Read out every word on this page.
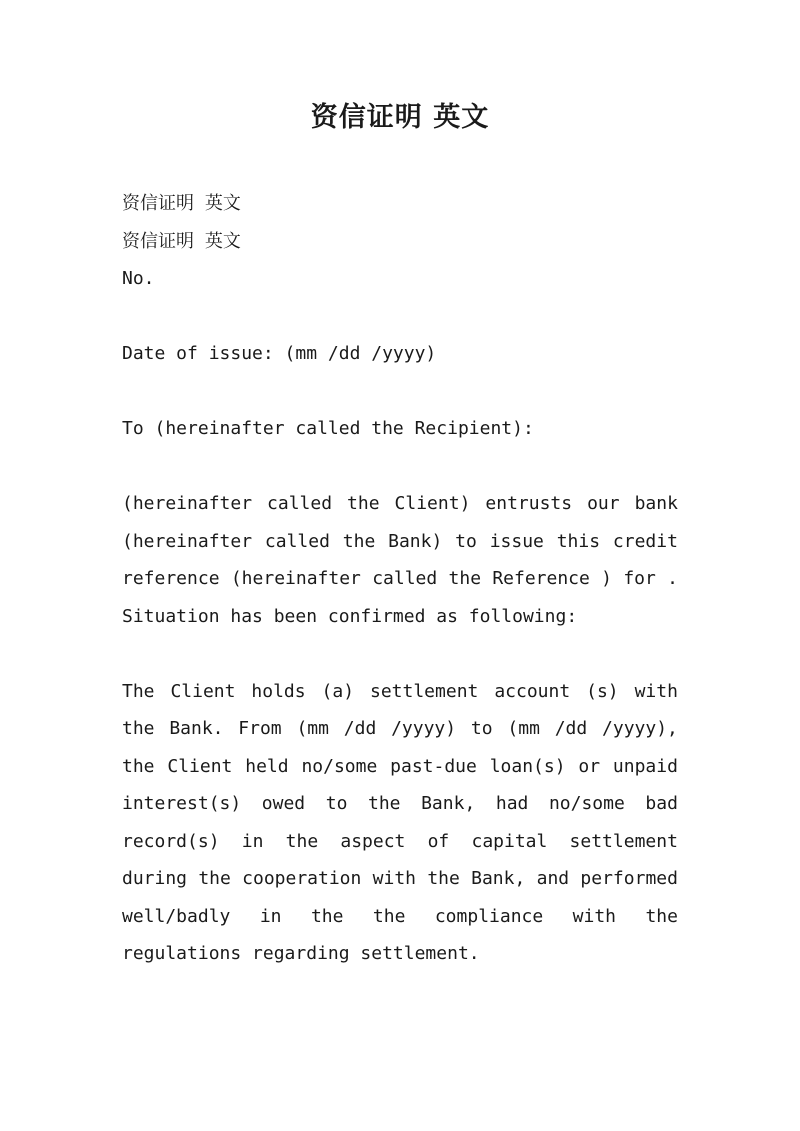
资信证明 英文
资信证明 英文
资信证明 英文
No.
Date of issue: (mm /dd /yyyy)
To (hereinafter called the Recipient):
(hereinafter called the Client) entrusts our bank
(hereinafter called the Bank) to issue this credit
reference (hereinafter called the Reference ) for .
Situation has been confirmed as following:
The Client holds (a) settlement account (s) with
the Bank. From (mm /dd /yyyy) to (mm /dd /yyyy),
the Client held no/some past-due loan(s) or unpaid
interest(s) owed to the Bank, had no/some bad
record(s) in the aspect of capital settlement
during the cooperation with the Bank, and performed
well/badly in the the compliance with the
regulations regarding settlement.
